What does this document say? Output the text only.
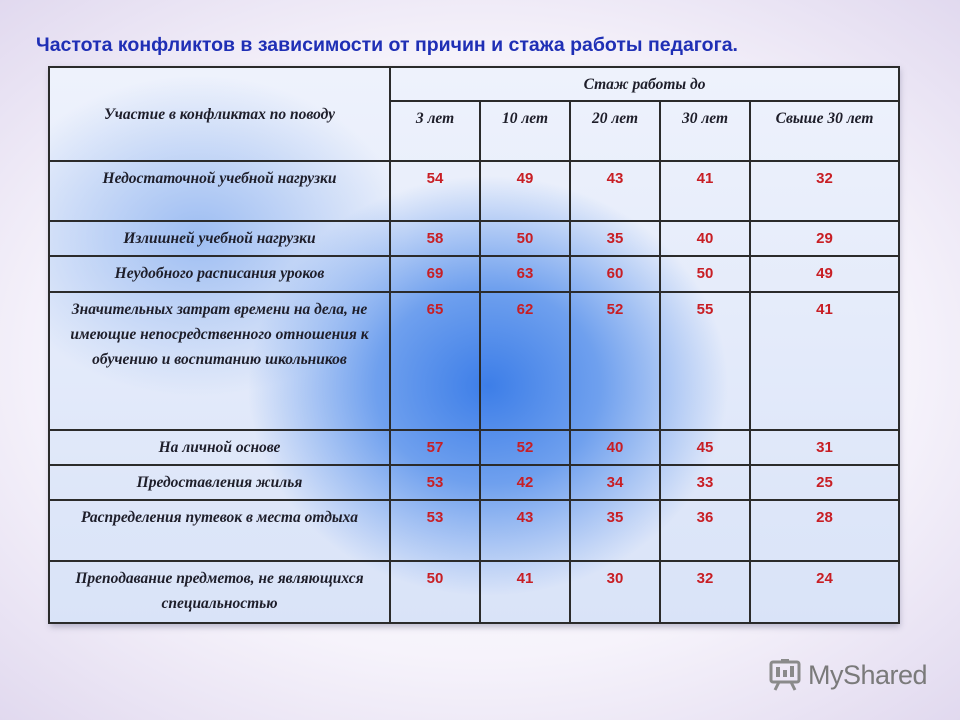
Частота конфликтов в зависимости от причин и стажа работы педагога.
Участие в конфликтах по поводу	Стаж работы до				
	3 лет	10 лет	20 лет	30 лет	Свыше 30 лет
Недостаточной учебной нагрузки	54	49	43	41	32
Излишней учебной нагрузки	58	50	35	40	29
Неудобного расписания уроков	69	63	60	50	49
Значительных затрат времени на дела, не имеющие непосредственного отношения к обучению и воспитанию школьников	65	62	52	55	41
На личной основе	57	52	40	45	31
Предоставления жилья	53	42	34	33	25
Распределения путевок в места отдыха	53	43	35	36	28
Преподавание предметов, не являющихся специальностью	50	41	30	32	24
MyShared
